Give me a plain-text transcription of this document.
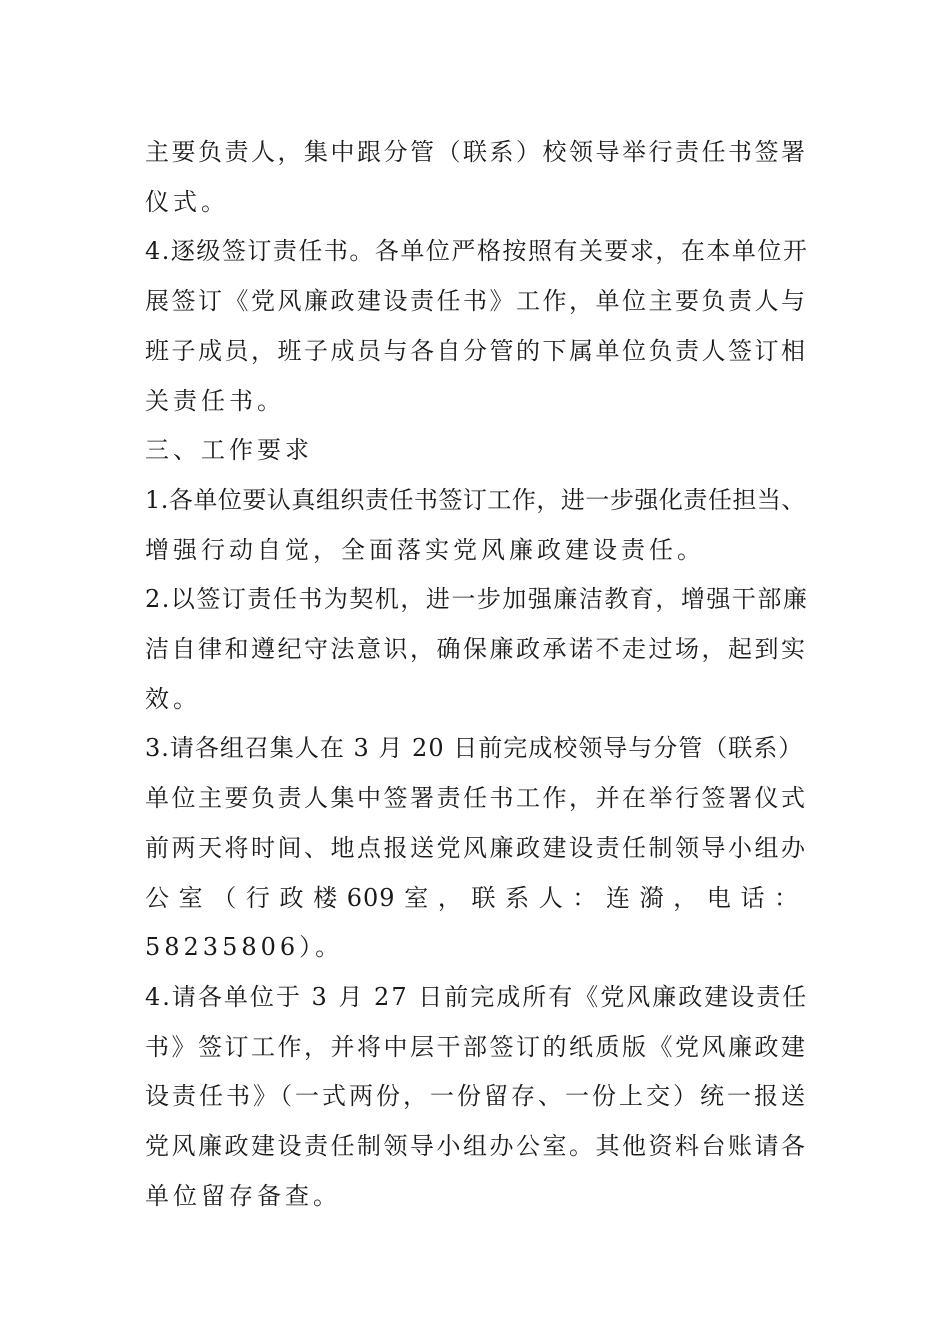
主要负责人，集中跟分管（联系）校领导举行责任书签署
仪式。
4.逐级签订责任书。各单位严格按照有关要求，在本单位开
展签订《党风廉政建设责任书》工作，单位主要负责人与
班子成员，班子成员与各自分管的下属单位负责人签订相
关责任书。
三、工作要求
1.各单位要认真组织责任书签订工作，进一步强化责任担当、
增强行动自觉，全面落实党风廉政建设责任。
2.以签订责任书为契机，进一步加强廉洁教育，增强干部廉
洁自律和遵纪守法意识，确保廉政承诺不走过场，起到实
效。
3.请各组召集人在 3 月 20 日前完成校领导与分管（联系）
单位主要负责人集中签署责任书工作，并在举行签署仪式
前两天将时间、地点报送党风廉政建设责任制领导小组办
公 室 （ 行 政 楼 609 室 ， 联 系 人 ： 连 漪 ， 电 话 ：
58235806）。
4.请各单位于 3 月 27 日前完成所有《党风廉政建设责任
书》签订工作，并将中层干部签订的纸质版《党风廉政建
设责任书》（一式两份，一份留存、一份上交）统一报送
党风廉政建设责任制领导小组办公室。其他资料台账请各
单位留存备查。
